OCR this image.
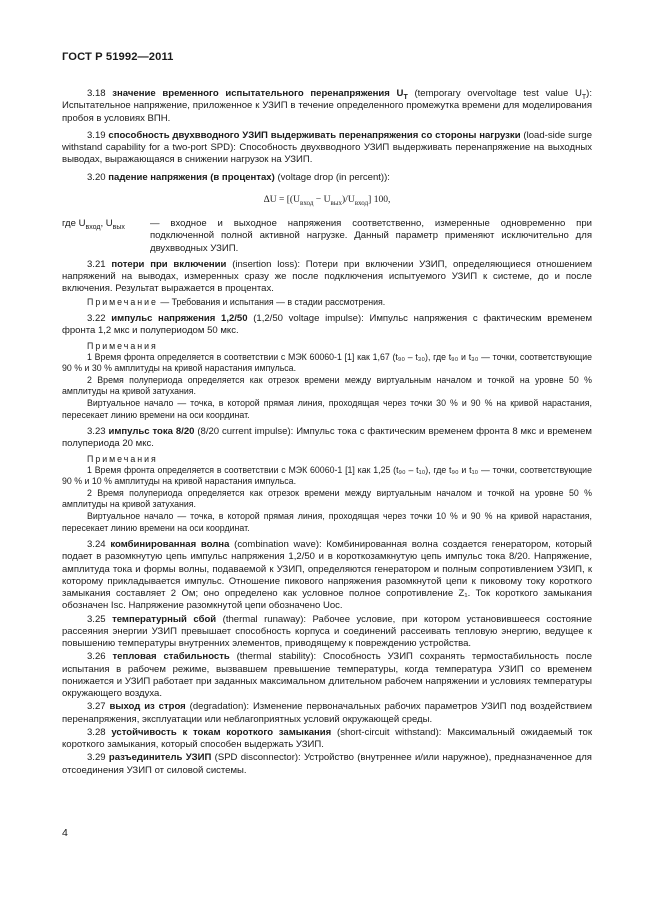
ГОСТ Р 51992—2011

3.18 значение временного испытательного перенапряжения $U_T$ (temporary overvoltage test value $U_T$): Испытательное напряжение, приложенное к УЗИП в течение определенного промежутка времени для моделирования пробоя в условиях ВПН.

3.19 способность двухвводного УЗИП выдерживать перенапряжения со стороны нагрузки (load-side surge withstand capability for a two-port SPD): Способность двухвводного УЗИП выдерживать перенапряжение на выходных выводах, выражающаяся в снижении нагрузок на УЗИП.

3.20 падение напряжения (в процентах) (voltage drop (in percent)):

$\Delta U = [(U_{вход} - U_{вых})/U_{вход}]$ 100,
где $U_{вход}$, $U_{вых}$	— входное и выходное напряжения соответственно, измеренные одновременно при подключенной полной активной нагрузке. Данный параметр применяют исключительно для двухвводных УЗИП.

3.21 потери при включении (insertion loss): Потери при включении УЗИП, определяющиеся отношением напряжений на выводах, измеренных сразу же после подключения испытуемого УЗИП к системе, до и после включения. Результат выражается в процентах.

Примечание — Требования и испытания — в стадии рассмотрения.

3.22 импульс напряжения 1,2/50 (1,2/50 voltage impulse): Импульс напряжения с фактическим временем фронта 1,2 мкс и полупериодом 50 мкс.

Примечания

1 Время фронта определяется в соответствии с МЭК 60060-1 [1] как 1,67 (t₉₀ – t₃₀), где t₉₀ и t₃₀ — точки, соответствующие 90 % и 30 % амплитуды на кривой нарастания импульса.

2 Время полупериода определяется как отрезок времени между виртуальным началом и точкой на уровне 50 % амплитуды на кривой затухания.

Виртуальное начало — точка, в которой прямая линия, проходящая через точки 30 % и 90 % на кривой нарастания, пересекает линию времени на оси координат.

3.23 импульс тока 8/20 (8/20 current impulse): Импульс тока с фактическим временем фронта 8 мкс и временем полупериода 20 мкс.

Примечания

1 Время фронта определяется в соответствии с МЭК 60060-1 [1] как 1,25 (t₉₀ – t₁₀), где t₉₀ и t₁₀ — точки, соответствующие 90 % и 10 % амплитуды на кривой нарастания импульса.

2 Время полупериода определяется как отрезок времени между виртуальным началом и точкой на уровне 50 % амплитуды на кривой затухания.

Виртуальное начало — точка, в которой прямая линия, проходящая через точки 10 % и 90 % на кривой нарастания, пересекает линию времени на оси координат.

3.24 комбинированная волна (combination wave): Комбинированная волна создается генератором, который подает в разомкнутую цепь импульс напряжения 1,2/50 и в короткозамкнутую цепь импульс тока 8/20. Напряжение, амплитуда тока и формы волны, подаваемой к УЗИП, определяются генератором и полным сопротивлением УЗИП, к которому прикладывается импульс. Отношение пикового напряжения разомкнутой цепи к пиковому току короткого замыкания составляет 2 Ом; оно определено как условное полное сопротивление Z₁. Ток короткого замыкания обозначен Isc. Напряжение разомкнутой цепи обозначено Uoc.

3.25 температурный сбой (thermal runaway): Рабочее условие, при котором установившееся состояние рассеяния энергии УЗИП превышает способность корпуса и соединений рассеивать тепловую энергию, ведущее к повышению температуры внутренних элементов, приводящему к повреждению устройства.

3.26 тепловая стабильность (thermal stability): Способность УЗИП сохранять термостабильность после испытания в рабочем режиме, вызвавшем превышение температуры, когда температура УЗИП со временем понижается и УЗИП работает при заданных максимальном длительном рабочем напряжении и условиях температуры окружающего воздуха.

3.27 выход из строя (degradation): Изменение первоначальных рабочих параметров УЗИП под воздействием перенапряжения, эксплуатации или неблагоприятных условий окружающей среды.

3.28 устойчивость к токам короткого замыкания (short-circuit withstand): Максимальный ожидаемый ток короткого замыкания, который способен выдержать УЗИП.

3.29 разъединитель УЗИП (SPD disconnector): Устройство (внутреннее и/или наружное), предназначенное для отсоединения УЗИП от силовой системы.

4
